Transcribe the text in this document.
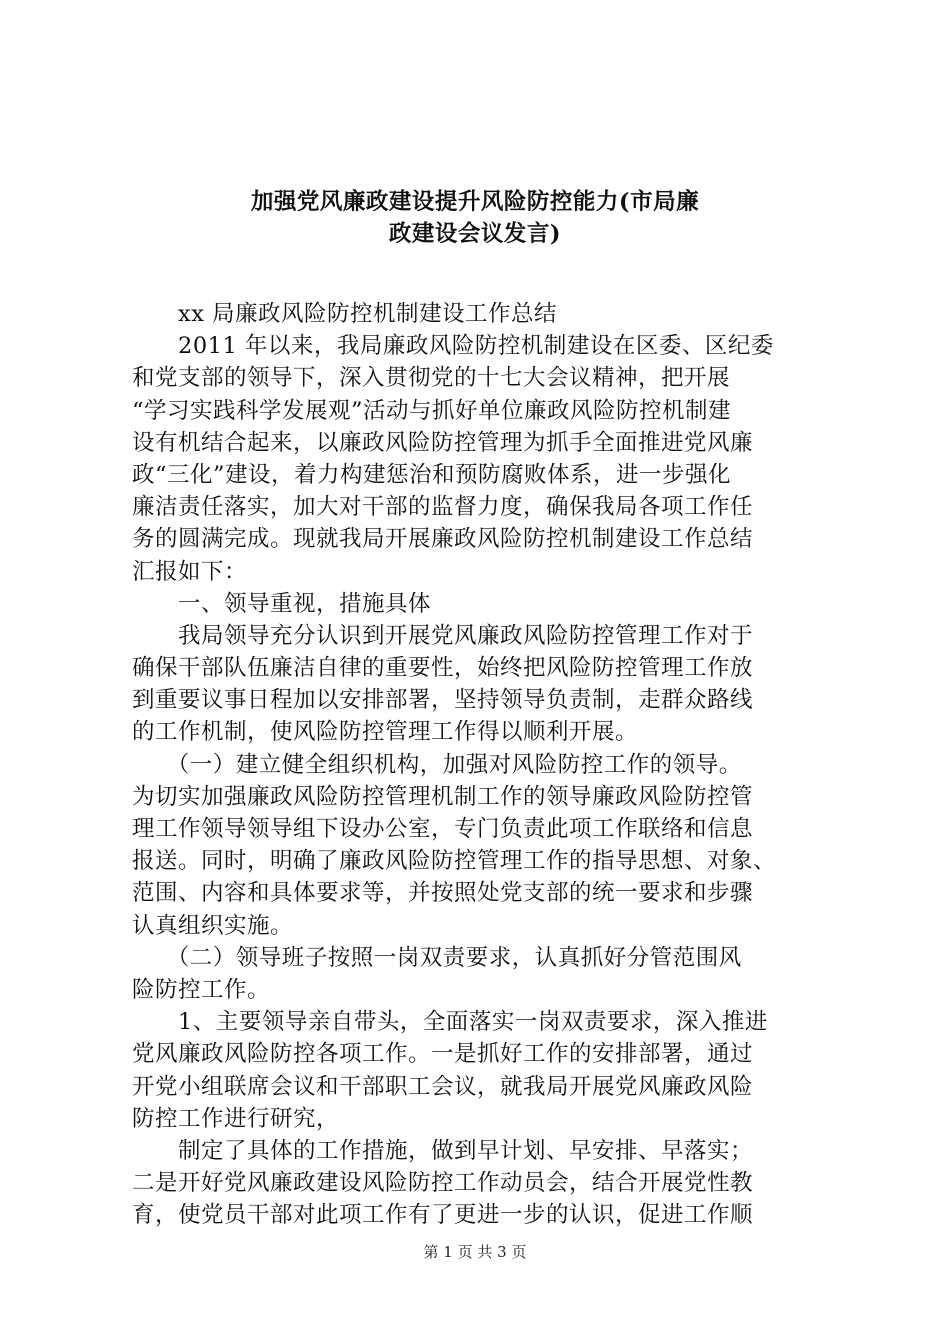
加强党风廉政建设提升风险防控能力(市局廉
政建设会议发言)
　　xx 局廉政风险防控机制建设工作总结
　　2011 年以来，我局廉政风险防控机制建设在区委、区纪委
和党支部的领导下，深入贯彻党的十七大会议精神，把开展
“学习实践科学发展观”活动与抓好单位廉政风险防控机制建
设有机结合起来，以廉政风险防控管理为抓手全面推进党风廉
政“三化”建设，着力构建惩治和预防腐败体系，进一步强化
廉洁责任落实，加大对干部的监督力度，确保我局各项工作任
务的圆满完成。现就我局开展廉政风险防控机制建设工作总结
汇报如下：
　　一、领导重视，措施具体
　　我局领导充分认识到开展党风廉政风险防控管理工作对于
确保干部队伍廉洁自律的重要性，始终把风险防控管理工作放
到重要议事日程加以安排部署，坚持领导负责制，走群众路线
的工作机制，使风险防控管理工作得以顺利开展。
　　（一）建立健全组织机构，加强对风险防控工作的领导。
为切实加强廉政风险防控管理机制工作的领导廉政风险防控管
理工作领导领导组下设办公室，专门负责此项工作联络和信息
报送。同时，明确了廉政风险防控管理工作的指导思想、对象、
范围、内容和具体要求等，并按照处党支部的统一要求和步骤
认真组织实施。
　　（二）领导班子按照一岗双责要求，认真抓好分管范围风
险防控工作。
　　1、主要领导亲自带头，全面落实一岗双责要求，深入推进
党风廉政风险防控各项工作。一是抓好工作的安排部署，通过
开党小组联席会议和干部职工会议，就我局开展党风廉政风险
防控工作进行研究，
　　制定了具体的工作措施，做到早计划、早安排、早落实；
二是开好党风廉政建设风险防控工作动员会，结合开展党性教
育，使党员干部对此项工作有了更进一步的认识，促进工作顺
第 1 页 共 3 页
